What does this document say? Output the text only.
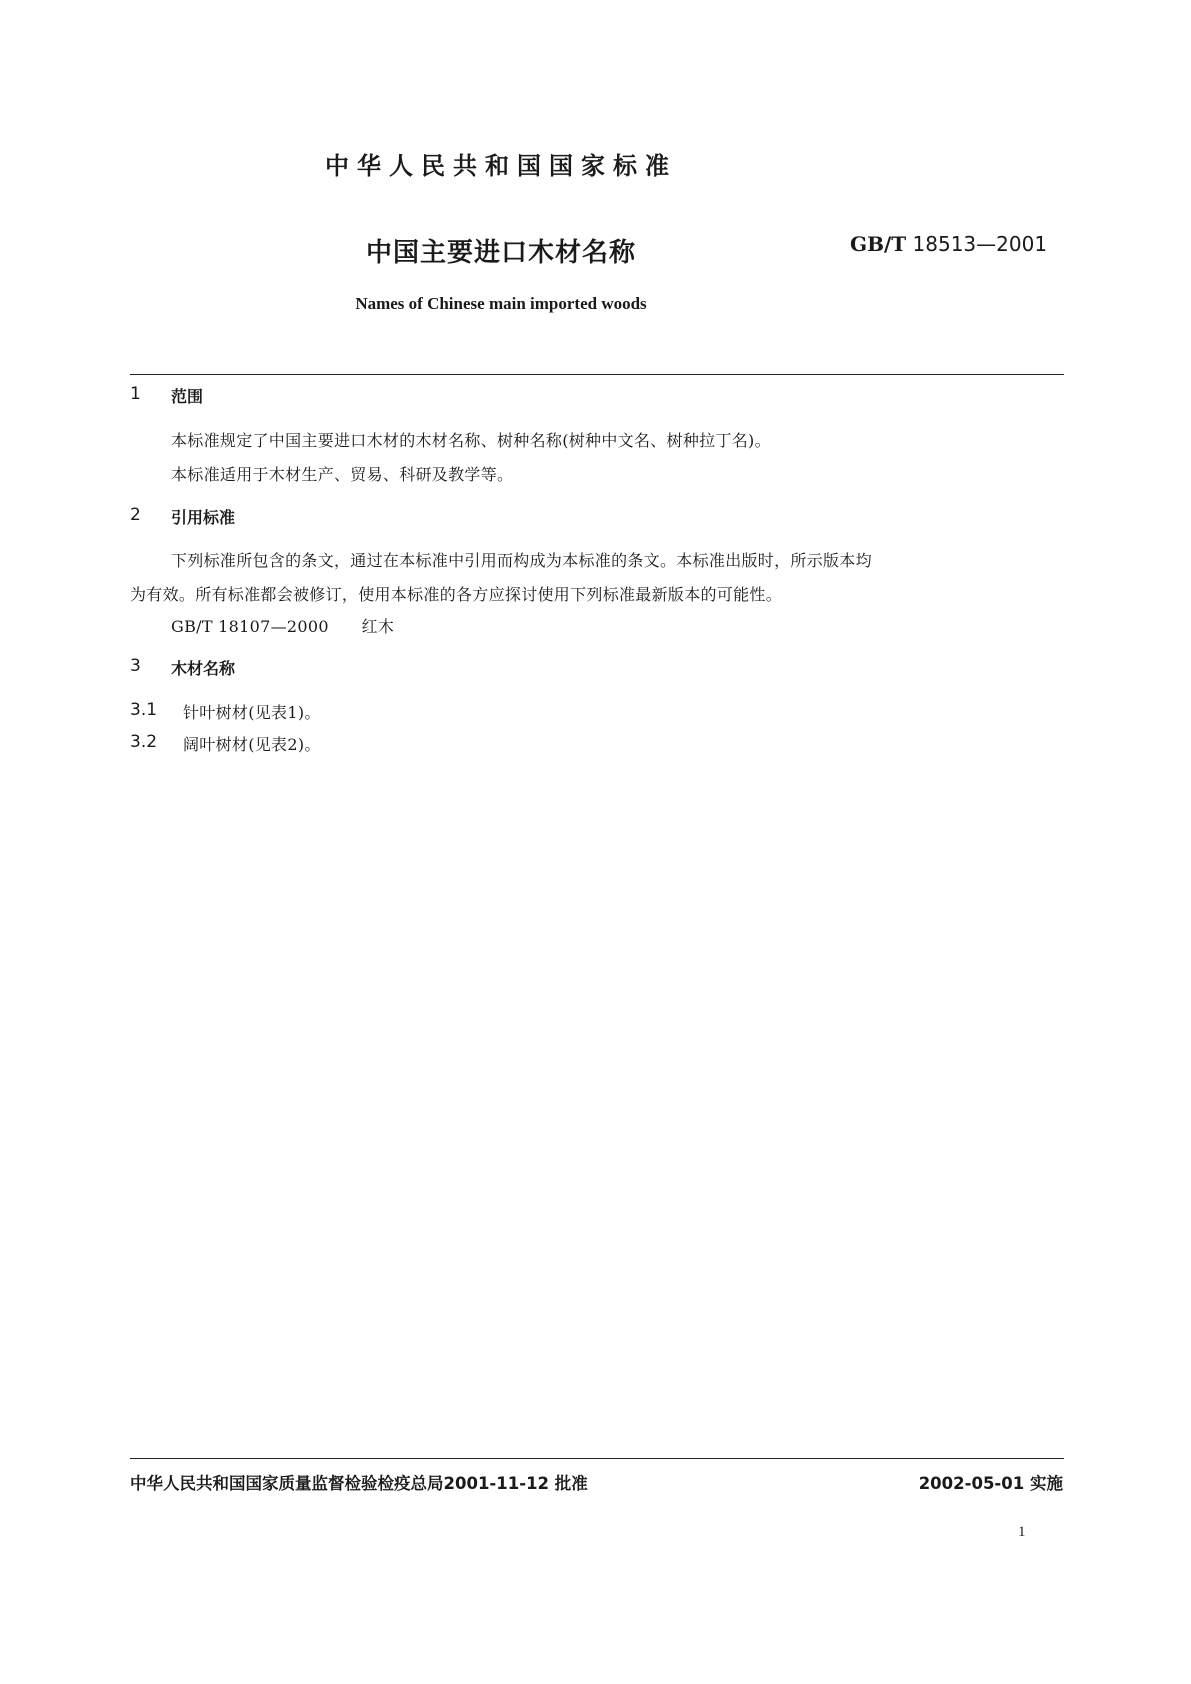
中华人民共和国国家标准
中国主要进口木材名称	GB/T 18513—2001
Names of Chinese main imported woods
1 范围
本标准规定了中国主要进口木材的木材名称、树种名称(树种中文名、树种拉丁名)。
本标准适用于木材生产、贸易、科研及教学等。
2 引用标准
下列标准所包含的条文，通过在本标准中引用而构成为本标准的条文。本标准出版时，所示版本均
为有效。所有标准都会被修订，使用本标准的各方应探讨使用下列标准最新版本的可能性。
GB/T 18107—2000 红木
3 木材名称
3.1 针叶树材(见表1)。
3.2 阔叶树材(见表2)。
中华人民共和国国家质量监督检验检疫总局2001-11-12 批准	2002-05-01 实施
1
